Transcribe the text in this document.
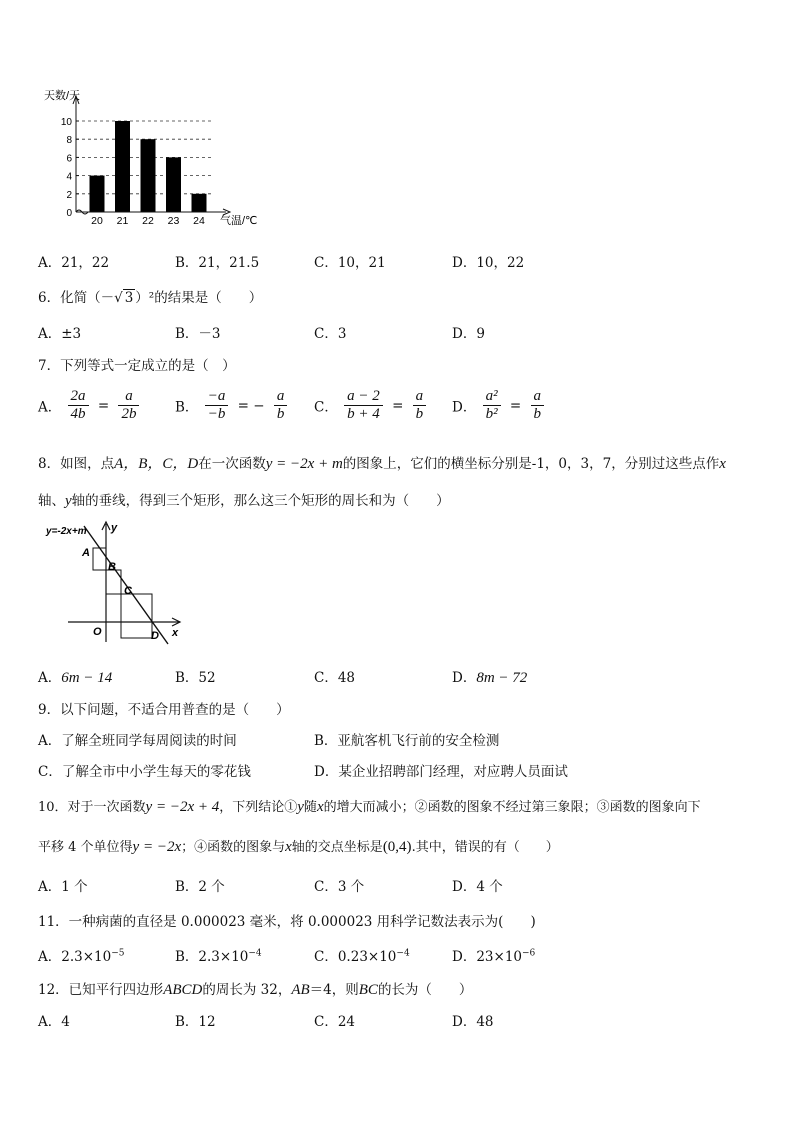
天数/天
0
2
4
6
8
10
20 21 22 23 24 气温/℃
A．21，22	B．21，21.5	C．10，21	D．10，22
6．化简（－√ 3 ）²的结果是（　　）
A．±3	B．－3	C．3	D．9
7．下列等式一定成立的是（　）
A． $\frac{2a}{4b} = \frac{a}{2b}$	B． $\frac{-a}{-b}$ = − $\frac{a}{b}$ C． $\frac{a - 2}{b + 4} = \frac{a}{b}$ D． $\frac{\text{a²}}{\text{b²}} = \frac{a}{b}$
8．如图，点A，B，C，D在一次函数y = −2x + m的图象上，它们的横坐标分别是-1，0，3，7，分别过这些点作x
轴、y轴的垂线，得到三个矩形，那么这三个矩形的周长和为（　　）
y=-2x+m y
x
O
A
B
C
D
A．6m − 14	B．52	C．48	D．8m − 72
9．以下问题，不适合用普查的是（　　）
A．了解全班同学每周阅读的时间	B．亚航客机飞行前的安全检测
C．了解全市中小学生每天的零花钱	D．某企业招聘部门经理，对应聘人员面试
10．对于一次函数y = −2x + 4，下列结论①y随x的增大而减小；②函数的图象不经过第三象限；③函数的图象向下
平移 4 个单位得y = −2x；④函数的图象与x轴的交点坐标是(0,4).其中，错误的有（　　）
A．1 个	B．2 个	C．3 个	D．4 个
11．一种病菌的直径是 0.000023 毫米，将 0.000023 用科学记数法表示为(　　)
A．$2.3\times 10^{-5}$	B．$2.3\times 10^{-4}$	C．$0.23\times 10^{-4}$	D．$23\times 10^{-6}$
12．已知平行四边形ABCD的周长为 32，AB＝4，则BC的长为（　　）
A．4	B．12	C．24	D．48
